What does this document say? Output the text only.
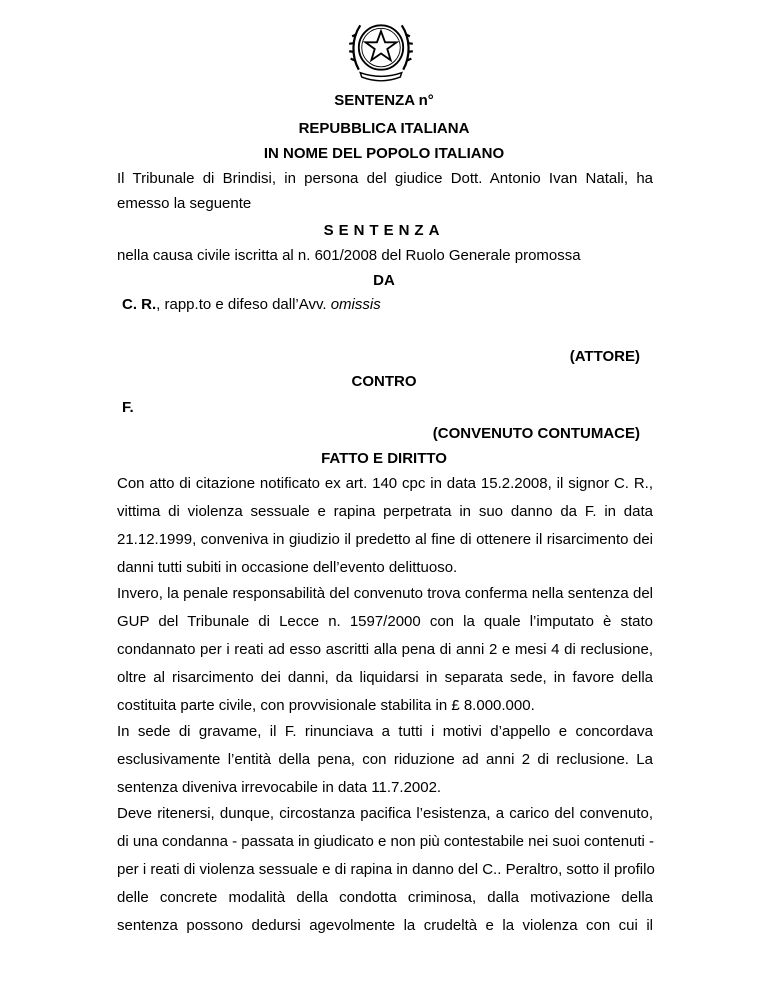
SENTENZA n°
REPUBBLICA ITALIANA
IN NOME DEL POPOLO ITALIANO
Il Tribunale di Brindisi, in persona del giudice Dott. Antonio Ivan Natali, ha
emesso la seguente
SENTENZA
nella causa civile iscritta al n. 601/2008 del Ruolo Generale promossa
DA
C. R., rapp.to e difeso dall’Avv. omissis
(ATTORE)
CONTRO
F.
(CONVENUTO CONTUMACE)
FATTO E DIRITTO
Con atto di citazione notificato ex art. 140 cpc in data 15.2.2008, il signor C. R.,
vittima di violenza sessuale e rapina perpetrata in suo danno da F. in data
21.12.1999, conveniva in giudizio il predetto al fine di ottenere il risarcimento dei
danni tutti subiti in occasione dell’evento delittuoso.
Invero, la penale responsabilità del convenuto trova conferma nella sentenza del
GUP del Tribunale di Lecce n. 1597/2000 con la quale l’imputato è stato
condannato per i reati ad esso ascritti alla pena di anni 2 e mesi 4 di reclusione,
oltre al risarcimento dei danni, da liquidarsi in separata sede, in favore della
costituita parte civile, con provvisionale stabilita in £ 8.000.000.
In sede di gravame, il F. rinunciava a tutti i motivi d’appello e concordava
esclusivamente l’entità della pena, con riduzione ad anni 2 di reclusione. La
sentenza diveniva irrevocabile in data 11.7.2002.
Deve ritenersi, dunque, circostanza pacifica l’esistenza, a carico del convenuto,
di una condanna - passata in giudicato e non più contestabile nei suoi contenuti -
per i reati di violenza sessuale e di rapina in danno del C.. Peraltro, sotto il profilo
delle concrete modalità della condotta criminosa, dalla motivazione della
sentenza possono dedursi agevolmente la crudeltà e la violenza con cui il
